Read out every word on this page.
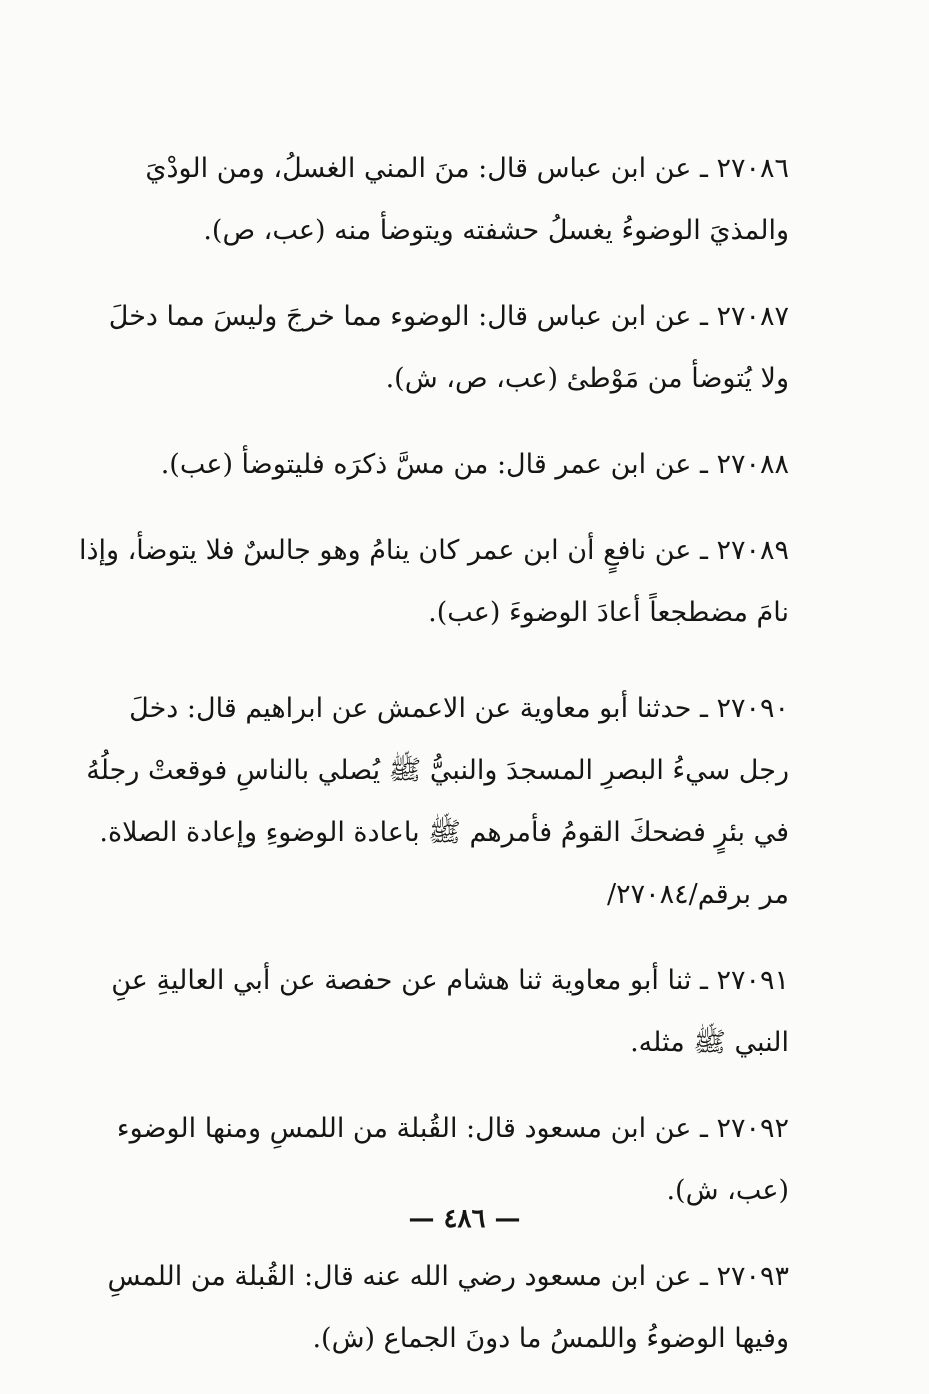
٢٧٠٨٦ ـ عن ابن عباس قال: منَ المني الغسلُ، ومن الودْيَ والمذيَ الوضوءُ يغسلُ حشفته ويتوضأ منه (عب، ص).

٢٧٠٨٧ ـ عن ابن عباس قال: الوضوء مما خرجَ وليسَ مما دخلَ ولا يُتوضأ من مَوْطئ (عب، ص، ش).

٢٧٠٨٨ ـ عن ابن عمر قال: من مسَّ ذكرَه فليتوضأ (عب).

٢٧٠٨٩ ـ عن نافعٍ أن ابن عمر كان ينامُ وهو جالسٌ فلا يتوضأ، وإذا نامَ مضطجعاً أعادَ الوضوءَ (عب).

٢٧٠٩٠ ـ حدثنا أبو معاوية عن الاعمش عن ابراهيم قال: دخلَ رجل سيءُ البصرِ المسجدَ والنبيُّ ﷺ يُصلي بالناسِ فوقعتْ رجلُهُ في بئرٍ فضحكَ القومُ فأمرهم ﷺ باعادة الوضوءِ وإعادة الصلاة. مر برقم/٢٧٠٨٤/

٢٧٠٩١ ـ ثنا أبو معاوية ثنا هشام عن حفصة عن أبي العاليةِ عنِ النبي ﷺ مثله.

٢٧٠٩٢ ـ عن ابن مسعود قال: القُبلة من اللمسِ ومنها الوضوء (عب، ش).

٢٧٠٩٣ ـ عن ابن مسعود رضي الله عنه قال: القُبلة من اللمسِ وفيها الوضوءُ واللمسُ ما دونَ الجماع (ش).

— ٤٨٦ —
